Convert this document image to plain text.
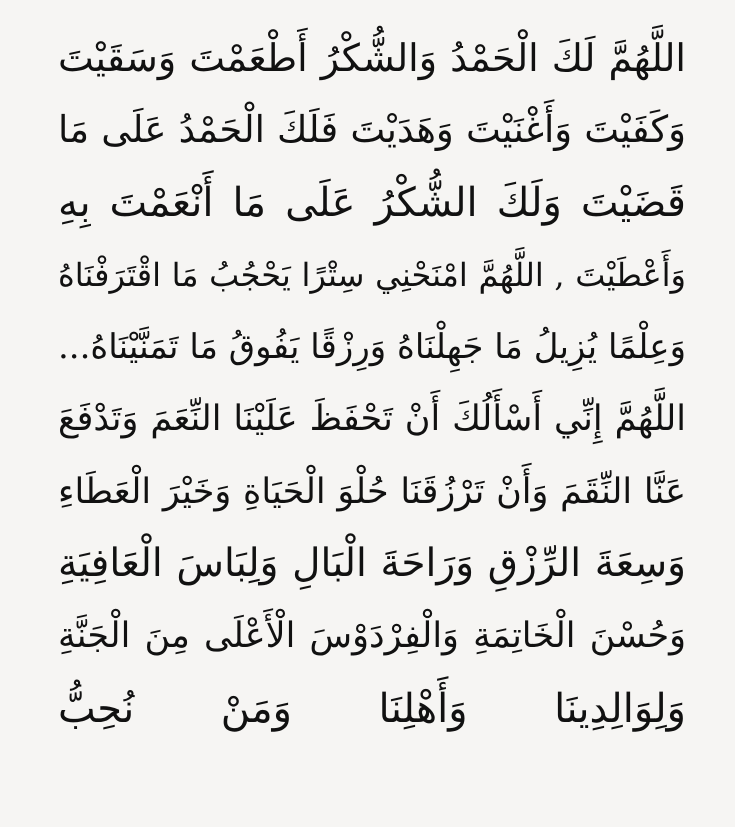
اللَّهُمَّ لَكَ الْحَمْدُ وَالشُّكْرُ أَطْعَمْتَ وَسَقَيْتَ
وَكَفَيْتَ وَأَغْنَيْتَ وَهَدَيْتَ فَلَكَ الْحَمْدُ عَلَى مَا
قَضَيْتَ وَلَكَ الشُّكْرُ عَلَى مَا أَنْعَمْتَ بِهِ
وَأَعْطَيْتَ , اللَّهُمَّ امْنَحْنِي سِتْرًا يَحْجُبُ مَا اقْتَرَفْنَاهُ
وَعِلْمًا يُزِيلُ مَا جَهِلْنَاهُ وَرِزْقًا يَفُوقُ مَا تَمَنَّيْنَاهُ...
اللَّهُمَّ إِنِّي أَسْأَلُكَ أَنْ تَحْفَظَ عَلَيْنَا النِّعَمَ وَتَدْفَعَ
عَنَّا النِّقَمَ وَأَنْ تَرْزُقَنَا حُلْوَ الْحَيَاةِ وَخَيْرَ الْعَطَاءِ
وَسِعَةَ الرِّزْقِ وَرَاحَةَ الْبَالِ وَلِبَاسَ الْعَافِيَةِ
وَحُسْنَ الْخَاتِمَةِ وَالْفِرْدَوْسَ الْأَعْلَى مِنَ الْجَنَّةِ
وَلِوَالِدِينَا وَأَهْلِنَا وَمَنْ نُحِبُّ
